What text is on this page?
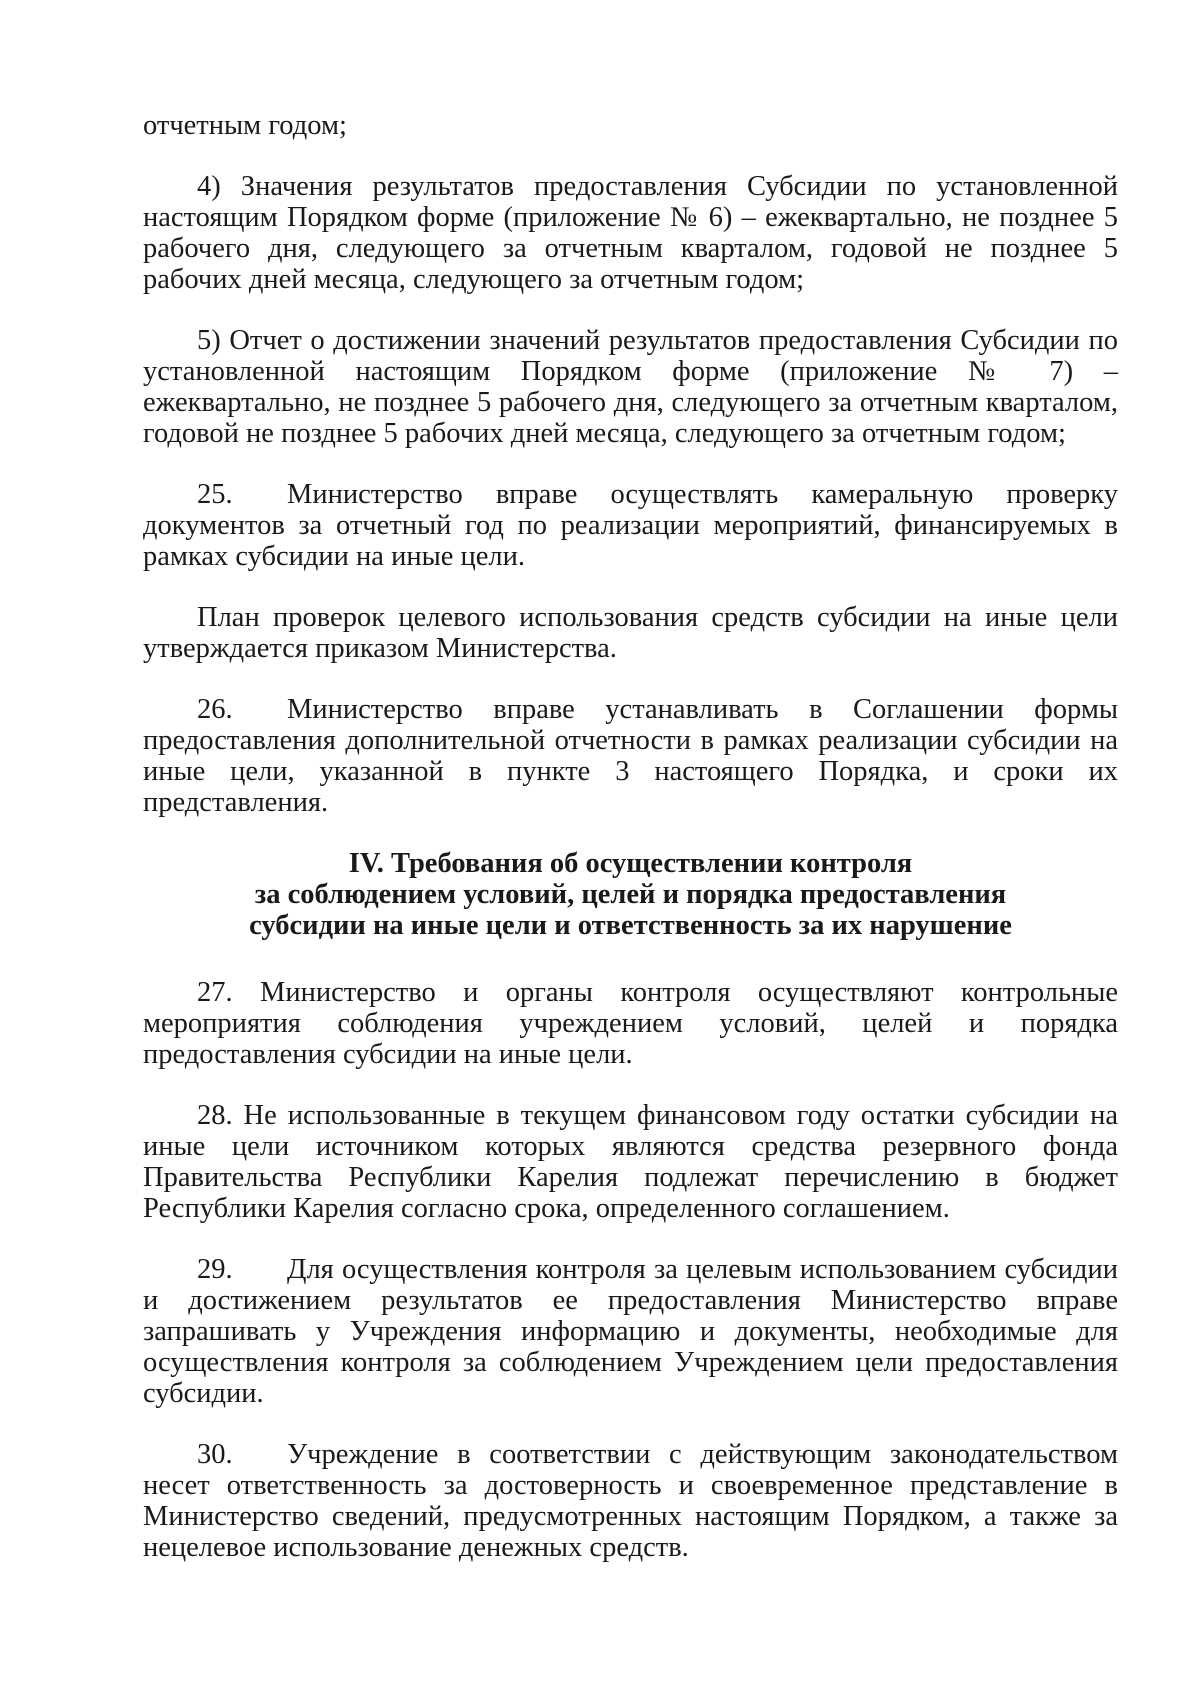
отчетным годом;

4) Значения результатов предоставления Субсидии по установленной настоящим Порядком форме (приложение № 6) – ежеквартально, не позднее 5 рабочего дня, следующего за отчетным кварталом, годовой не позднее 5 рабочих дней месяца, следующего за отчетным годом;

5) Отчет о достижении значений результатов предоставления Субсидии по установленной настоящим Порядком форме (приложение № 7) – ежеквартально, не позднее 5 рабочего дня, следующего за отчетным кварталом, годовой не позднее 5 рабочих дней месяца, следующего за отчетным годом;

25. Министерство вправе осуществлять камеральную проверку документов за отчетный год по реализации мероприятий, финансируемых в рамках субсидии на иные цели.

План проверок целевого использования средств субсидии на иные цели утверждается приказом Министерства.

26. Министерство вправе устанавливать в Соглашении формы предоставления дополнительной отчетности в рамках реализации субсидии на иные цели, указанной в пункте 3 настоящего Порядка, и сроки их представления.

IV. Требования об осуществлении контроля
за соблюдением условий, целей и порядка предоставления
субсидии на иные цели и ответственность за их нарушение

27. Министерство и органы контроля осуществляют контрольные мероприятия соблюдения учреждением условий, целей и порядка предоставления субсидии на иные цели.

28. Не использованные в текущем финансовом году остатки субсидии на иные цели источником которых являются средства резервного фонда Правительства Республики Карелия подлежат перечислению в бюджет Республики Карелия согласно срока, определенного соглашением.

29. Для осуществления контроля за целевым использованием субсидии и достижением результатов ее предоставления Министерство вправе запрашивать у Учреждения информацию и документы, необходимые для осуществления контроля за соблюдением Учреждением цели предоставления субсидии.

30. Учреждение в соответствии с действующим законодательством несет ответственность за достоверность и своевременное представление в Министерство сведений, предусмотренных настоящим Порядком, а также за нецелевое использование денежных средств.
